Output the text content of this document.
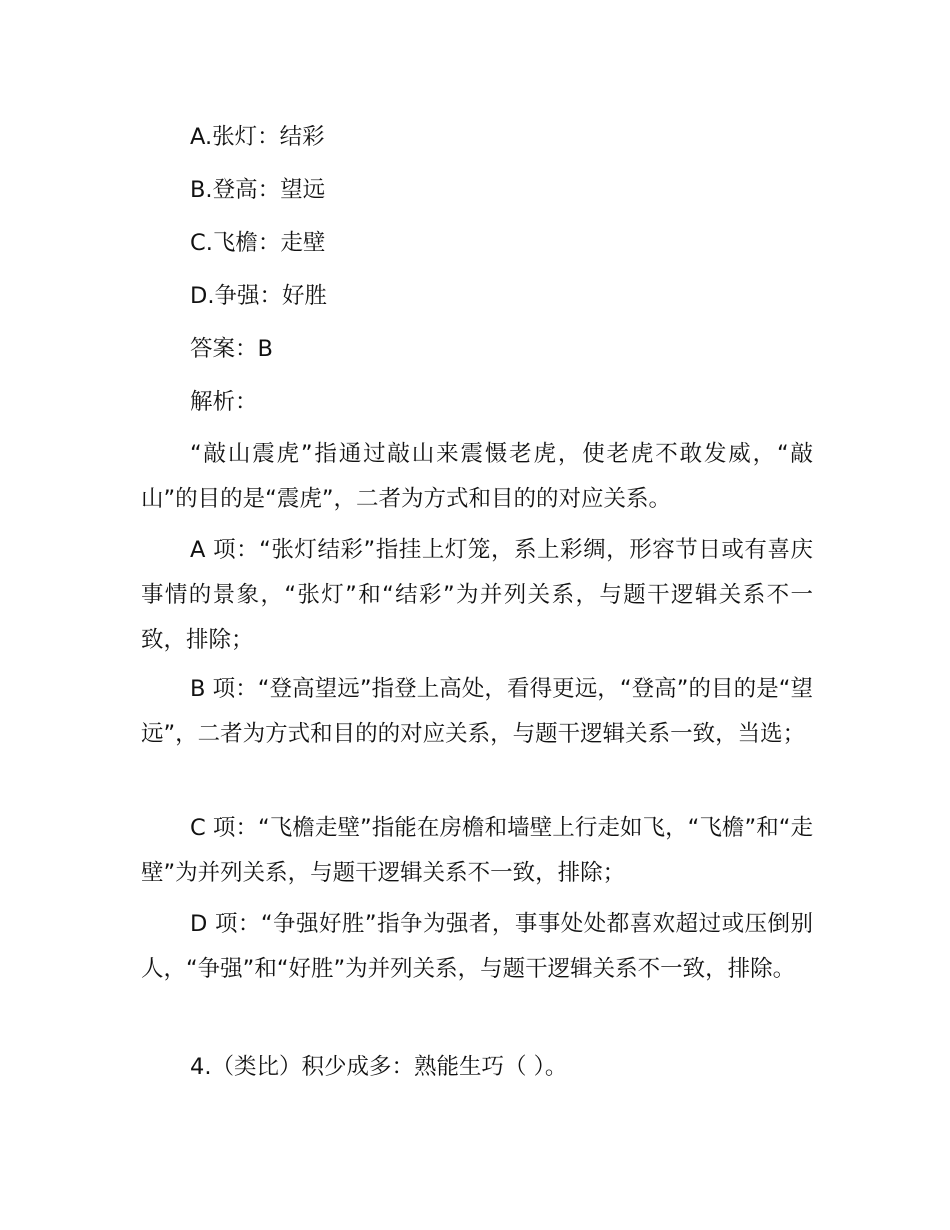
A.张灯：结彩

B.登高：望远

C.飞檐：走壁

D.争强：好胜

答案：B

解析：

“敲山震虎”指通过敲山来震慑老虎，使老虎不敢发威，“敲山”的目的是“震虎”，二者为方式和目的的对应关系。

A 项：“张灯结彩”指挂上灯笼，系上彩绸，形容节日或有喜庆事情的景象，“张灯”和“结彩”为并列关系，与题干逻辑关系不一致，排除；

B 项：“登高望远”指登上高处，看得更远，“登高”的目的是“望远”，二者为方式和目的的对应关系，与题干逻辑关系一致，当选；

C 项：“飞檐走壁”指能在房檐和墙壁上行走如飞，“飞檐”和“走壁”为并列关系，与题干逻辑关系不一致，排除；

D 项：“争强好胜”指争为强者，事事处处都喜欢超过或压倒别人，“争强”和“好胜”为并列关系，与题干逻辑关系不一致，排除。

4.（类比）积少成多：熟能生巧（ ）。
